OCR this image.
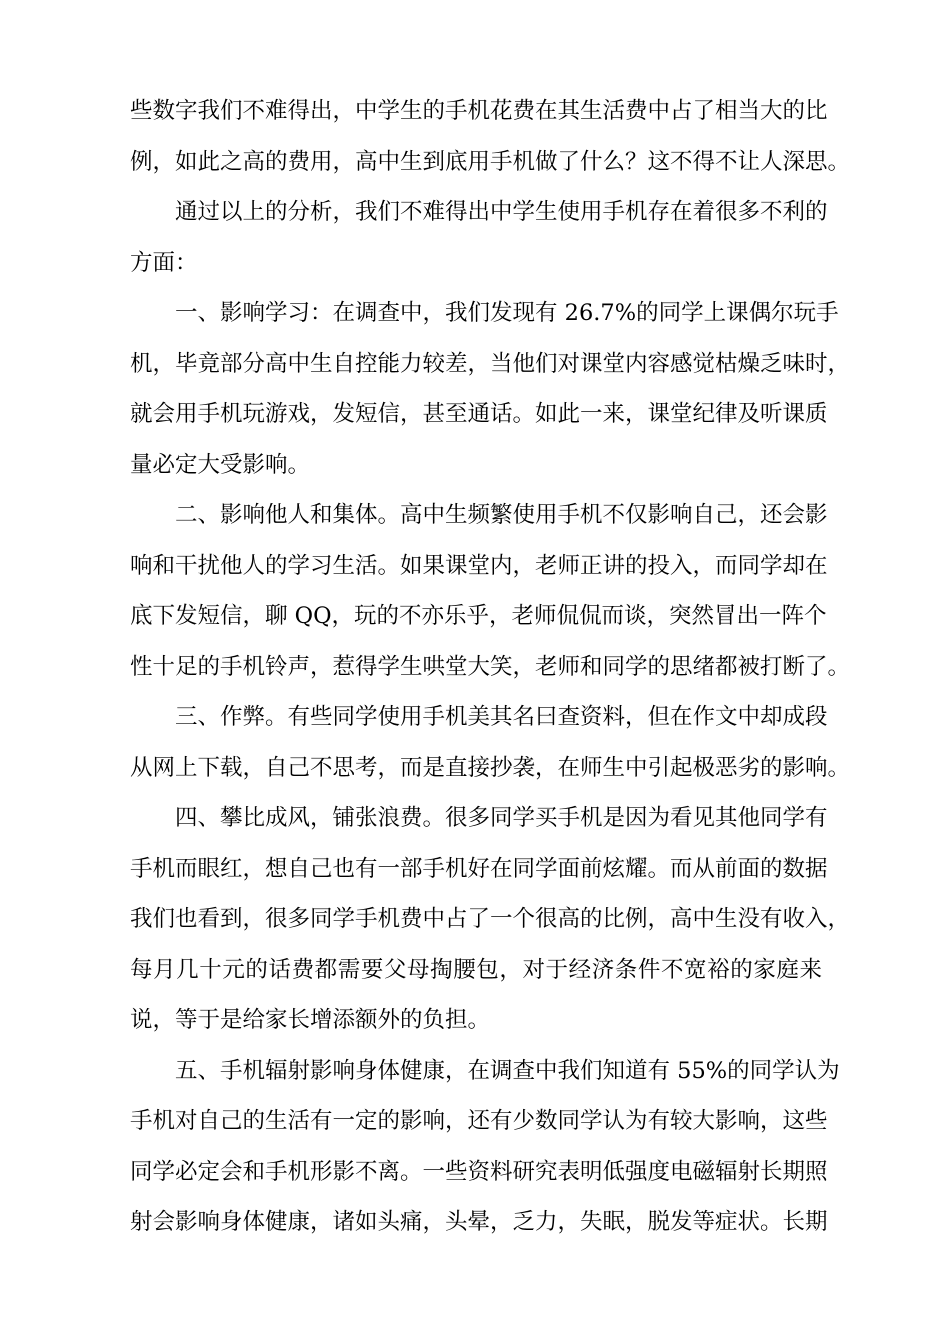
些数字我们不难得出，中学生的手机花费在其生活费中占了相当大的比
例，如此之高的费用，高中生到底用手机做了什么？这不得不让人深思。
通过以上的分析，我们不难得出中学生使用手机存在着很多不利的
方面：
一、影响学习：在调查中，我们发现有 26.7%的同学上课偶尔玩手
机，毕竟部分高中生自控能力较差，当他们对课堂内容感觉枯燥乏味时，
就会用手机玩游戏，发短信，甚至通话。如此一来，课堂纪律及听课质
量必定大受影响。
二、影响他人和集体。高中生频繁使用手机不仅影响自己，还会影
响和干扰他人的学习生活。如果课堂内，老师正讲的投入，而同学却在
底下发短信，聊 QQ，玩的不亦乐乎，老师侃侃而谈，突然冒出一阵个
性十足的手机铃声，惹得学生哄堂大笑，老师和同学的思绪都被打断了。
三、作弊。有些同学使用手机美其名曰查资料，但在作文中却成段
从网上下载，自己不思考，而是直接抄袭，在师生中引起极恶劣的影响。
四、攀比成风，铺张浪费。很多同学买手机是因为看见其他同学有
手机而眼红，想自己也有一部手机好在同学面前炫耀。而从前面的数据
我们也看到，很多同学手机费中占了一个很高的比例，高中生没有收入，
每月几十元的话费都需要父母掏腰包，对于经济条件不宽裕的家庭来
说，等于是给家长增添额外的负担。
五、手机辐射影响身体健康，在调查中我们知道有 55%的同学认为
手机对自己的生活有一定的影响，还有少数同学认为有较大影响，这些
同学必定会和手机形影不离。一些资料研究表明低强度电磁辐射长期照
射会影响身体健康，诸如头痛，头晕，乏力，失眠，脱发等症状。长期
